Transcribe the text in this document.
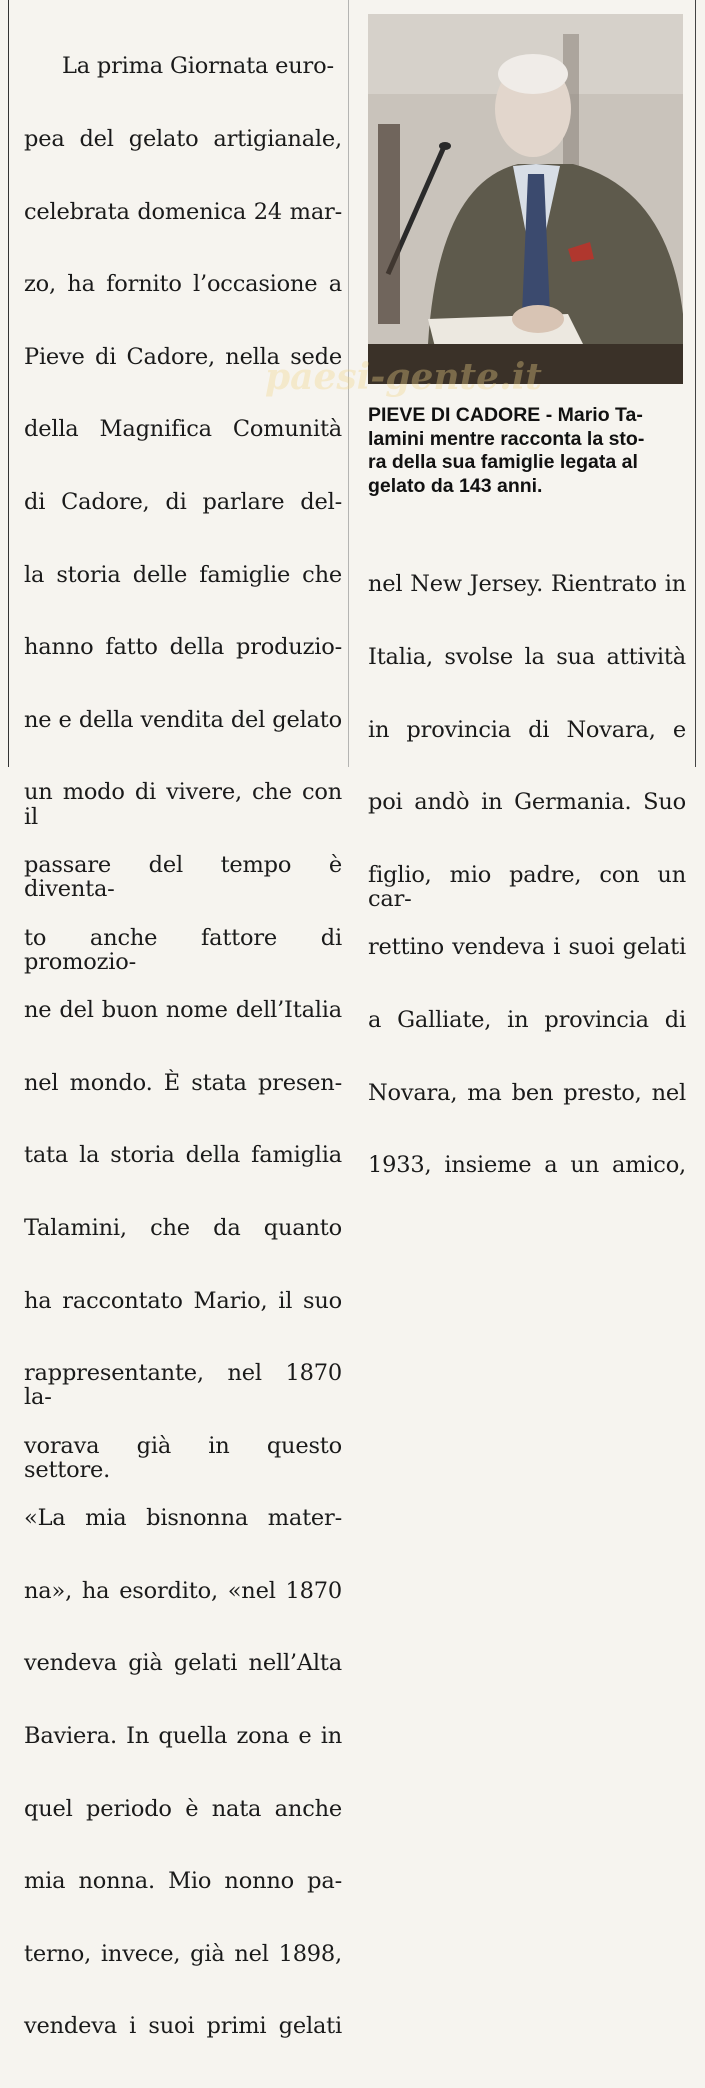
La prima Giornata euro-

pea del gelato artigianale,

celebrata domenica 24 mar-

zo, ha fornito l’occasione a

Pieve di Cadore, nella sede

della Magnifica Comunità

di Cadore, di parlare del-

la storia delle famiglie che

hanno fatto della produzio-

ne e della vendita del gelato

un modo di vivere, che con il

passare del tempo è diventa-

to anche fattore di promozio-

ne del buon nome dell’Italia

nel mondo. È stata presen-

tata la storia della famiglia

Talamini, che da quanto

ha raccontato Mario, il suo

rappresentante, nel 1870 la-

vorava già in questo settore.

«La mia bisnonna mater-

na», ha esordito, «nel 1870

vendeva già gelati nell’Alta

Baviera. In quella zona e in

quel periodo è nata anche

mia nonna. Mio nonno pa-

terno, invece, già nel 1898,

vendeva i suoi primi gelati

paesi-gente.it
PIEVE DI CADORE - Mario Ta-
lamini mentre racconta la sto-
ra della sua famiglie legata al
gelato da 143 anni.

nel New Jersey. Rientrato in

Italia, svolse la sua attività

in provincia di Novara, e

poi andò in Germania. Suo

figlio, mio padre, con un car-

rettino vendeva i suoi gelati

a Galliate, in provincia di

Novara, ma ben presto, nel

1933, insieme a un amico,
